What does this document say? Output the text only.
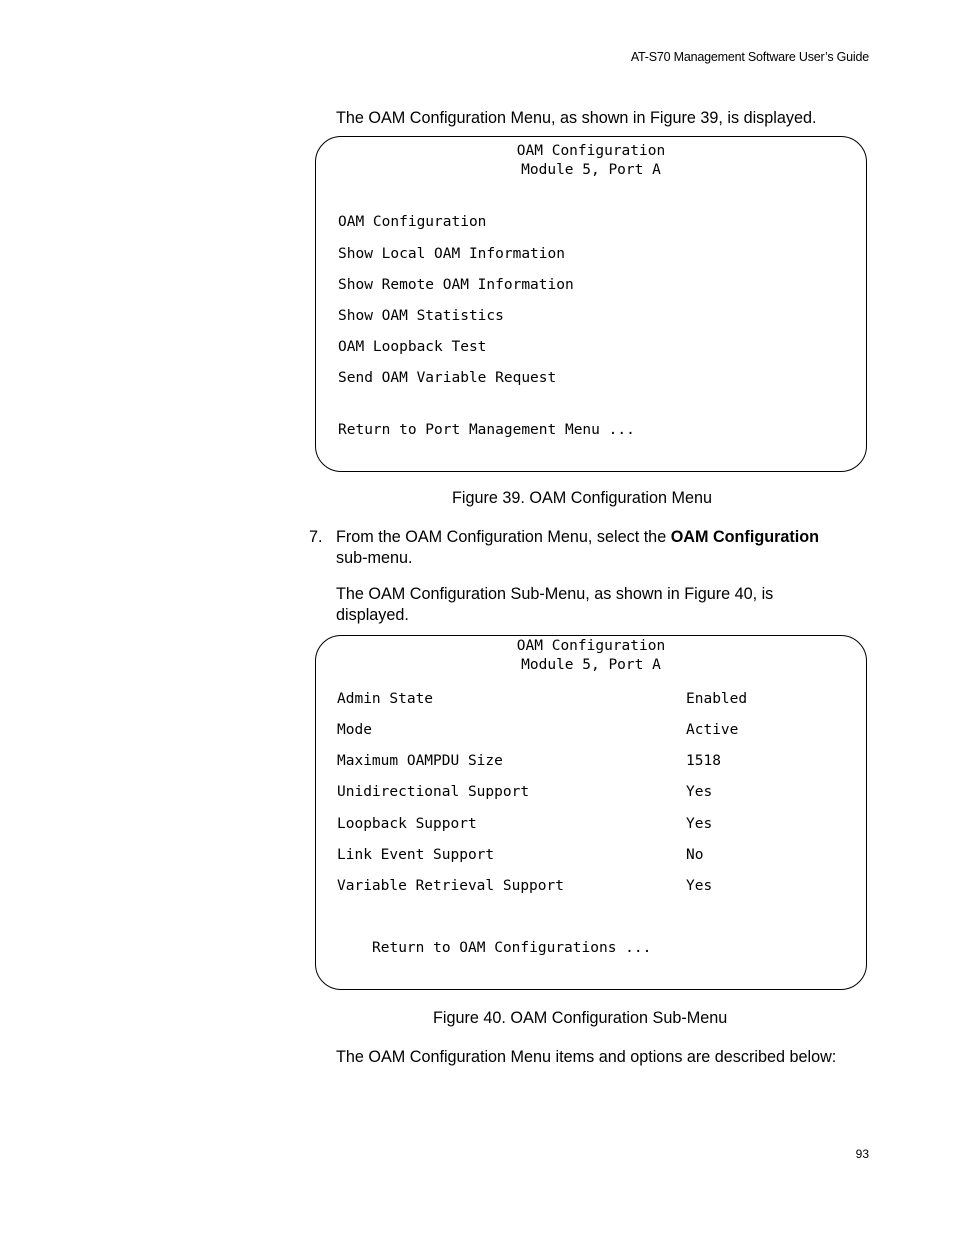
AT-S70 Management Software User’s Guide
The OAM Configuration Menu, as shown in Figure 39, is displayed.
OAM Configuration
Module 5, Port A
OAM Configuration
Show Local OAM Information
Show Remote OAM Information
Show OAM Statistics
OAM Loopback Test
Send OAM Variable Request
Return to Port Management Menu ...
Figure 39. OAM Configuration Menu
7. From the OAM Configuration Menu, select the OAM Configuration
sub-menu.
The OAM Configuration Sub-Menu, as shown in Figure 40, is
displayed.
OAM Configuration
Module 5, Port A
Admin State	Enabled
Mode	Active
Maximum OAMPDU Size	1518
Unidirectional Support	Yes
Loopback Support	Yes
Link Event Support	No
Variable Retrieval Support	Yes
Return to OAM Configurations ...
Figure 40. OAM Configuration Sub-Menu
The OAM Configuration Menu items and options are described below:
93
